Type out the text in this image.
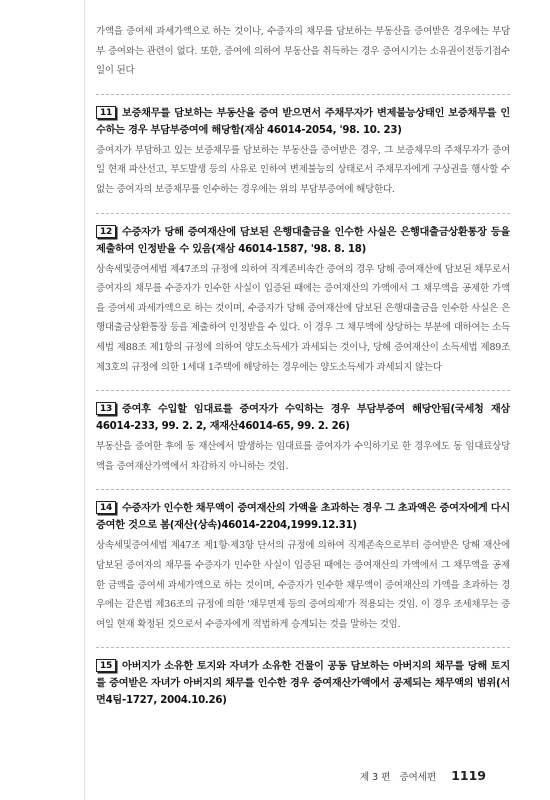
가액을 증여세 과세가액으로 하는 것이나, 수증자의 채무를 담보하는 부동산을 증여받은 경우에는 부담부 증여와는 관련이 없다. 또한, 증여에 의하여 부동산을 취득하는 경우 증여시기는 소유권이전등기접수일이 된다

11 보증채무를 담보하는 부동산을 증여 받으면서 주채무자가 변제불능상태인 보증채무를 인수하는 경우 부담부증여에 해당함(재삼 46014-2054, '98. 10. 23)

증여자가 부담하고 있는 보증채무를 담보하는 부동산을 증여받은 경우, 그 보증채무의 주채무자가 증여일 현재 파산선고, 부도발생 등의 사유로 인하여 변제불능의 상태로서 주채무자에게 구상권을 행사할 수 없는 증여자의 보증채무를 인수하는 경우에는 위의 부담부증여에 해당한다.

12 수증자가 당해 증여재산에 담보된 은행대출금을 인수한 사실은 은행대출금상환통장 등을 제출하여 인정받을 수 있음(재삼 46014-1587, '98. 8. 18)

상속세및증여세법 제47조의 규정에 의하여 직계존비속간 증여의 경우 당해 증여재산에 담보된 채무로서 증여자의 채무를 수증자가 인수한 사실이 입증된 때에는 증여재산의 가액에서 그 채무액을 공제한 가액을 증여세 과세가액으로 하는 것이며, 수증자가 당해 증여재산에 담보된 은행대출금을 인수한 사실은 은행대출금상환통장 등을 제출하여 인정받을 수 있다. 이 경우 그 채무액에 상당하는 부분에 대하여는 소득세법 제88조 제1항의 규정에 의하여 양도소득세가 과세되는 것이나, 당해 증여재산이 소득세법 제89조 제3호의 규정에 의한 1세대 1주택에 해당하는 경우에는 양도소득세가 과세되지 않는다

13 증여후 수입할 임대료를 증여자가 수익하는 경우 부담부증여 해당안됨(국세청 재삼46014-233, 99. 2. 2, 재재산46014-65, 99. 2. 26)

부동산을 증여한 후에 동 재산에서 발생하는 임대료를 증여자가 수익하기로 한 경우에도 동 임대료상당액을 증여재산가액에서 차감하지 아니하는 것임.

14 수증자가 인수한 채무액이 증여재산의 가액을 초과하는 경우 그 초과액은 증여자에게 다시 증여한 것으로 봄(재산(상속)46014-2204,1999.12.31)

상속세및증여세법 제47조 제1항·제3항 단서의 규정에 의하여 직계존속으로부터 증여받은 당해 재산에 담보된 증여자의 채무를 수증자가 인수한 사실이 입증된 때에는 증여재산의 가액에서 그 채무액을 공제한 금액을 증여세 과세가액으로 하는 것이며, 수증자가 인수한 채무액이 증여재산의 가액을 초과하는 경우에는 같은법 제36조의 규정에 의한 '채무면제 등의 증여의제'가 적용되는 것임. 이 경우 조세채무는 증여일 현재 확정된 것으로서 수증자에게 적법하게 승계되는 것을 말하는 것임.

15 아버지가 소유한 토지와 자녀가 소유한 건물이 공동 담보하는 아버지의 채무를 당해 토지를 증여받은 자녀가 아버지의 채무를 인수한 경우 증여재산가액에서 공제되는 채무액의 범위(서면4팀-1727, 2004.10.26)

제 3 편 증여세편 1119
